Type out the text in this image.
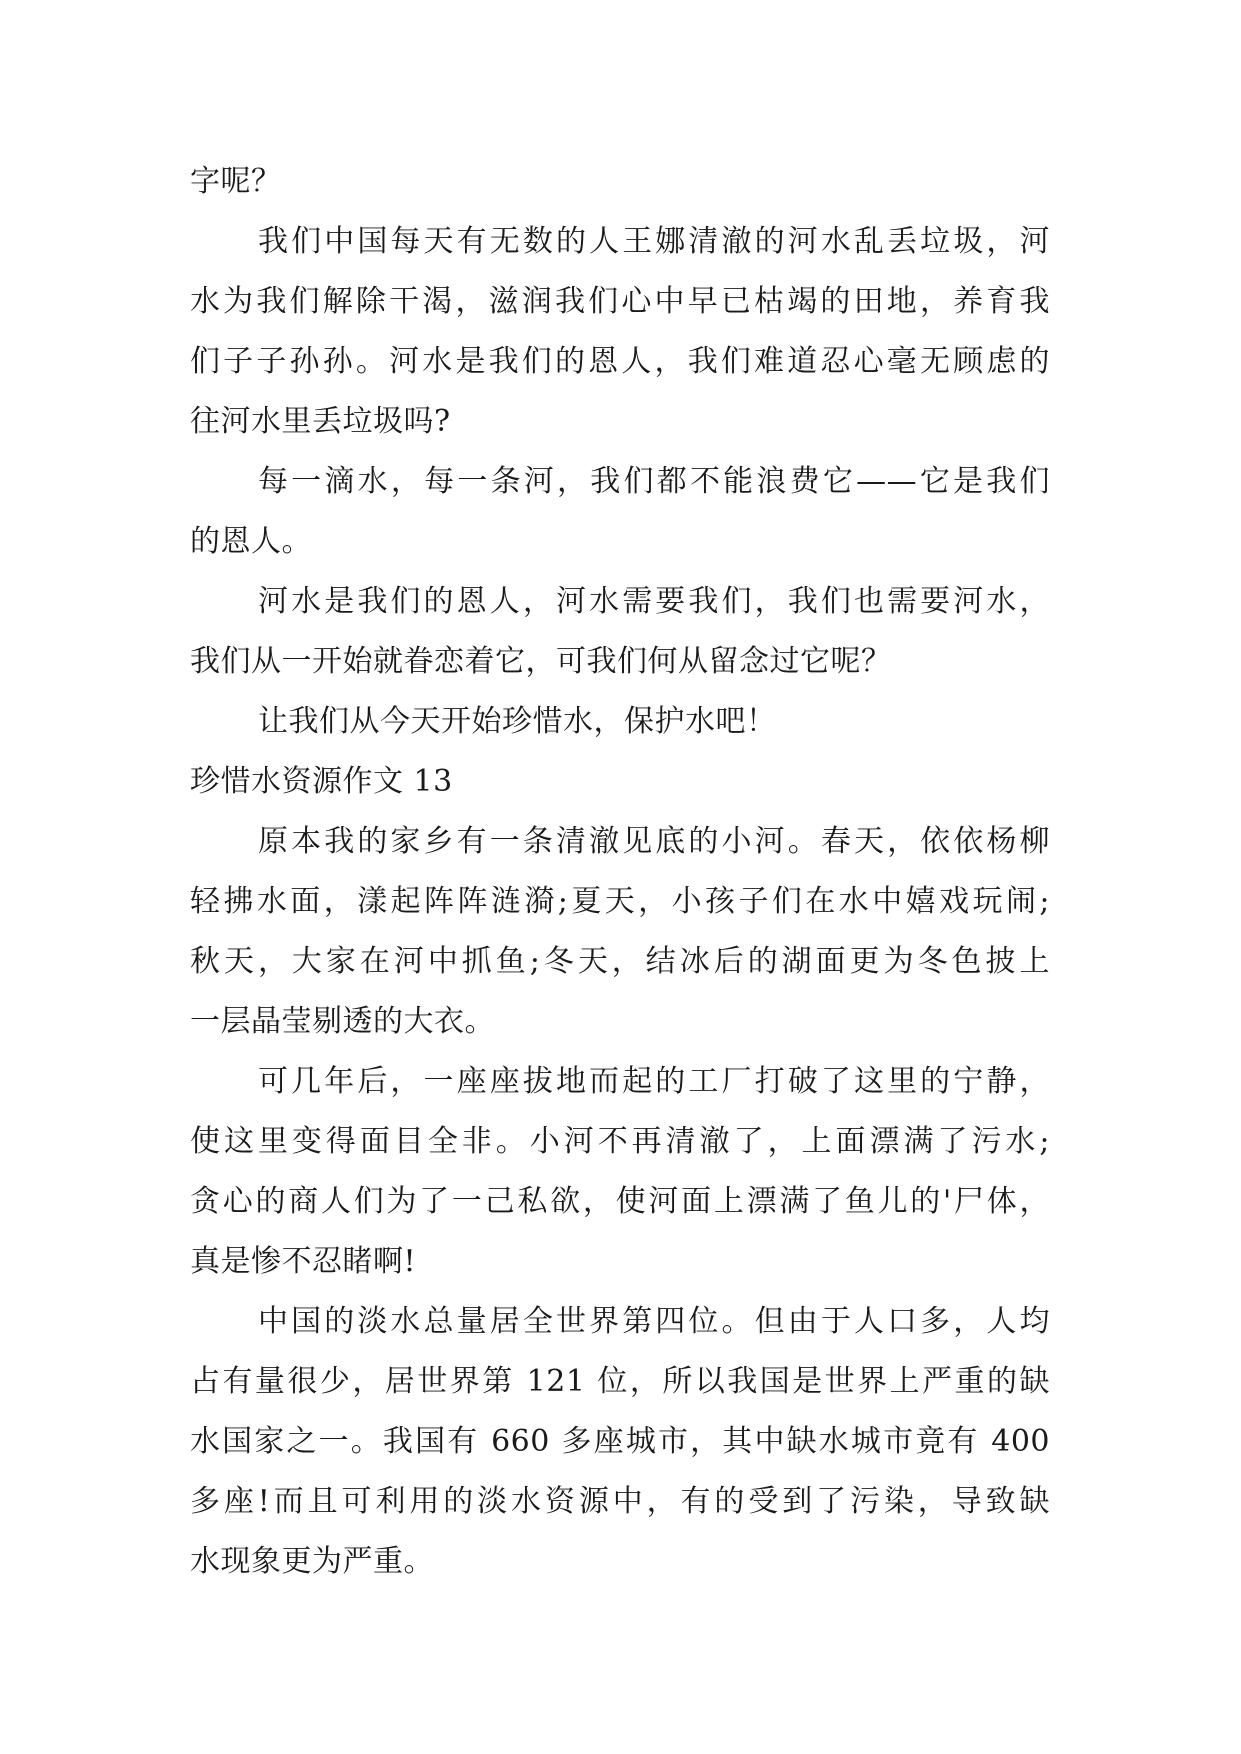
字呢？
我们中国每天有无数的人王娜清澈的河水乱丢垃圾，河
水为我们解除干渴，滋润我们心中早已枯竭的田地，养育我
们子子孙孙。河水是我们的恩人，我们难道忍心毫无顾虑的
往河水里丢垃圾吗?
每一滴水，每一条河，我们都不能浪费它——它是我们
的恩人。
河水是我们的恩人，河水需要我们，我们也需要河水，
我们从一开始就眷恋着它，可我们何从留念过它呢？
让我们从今天开始珍惜水，保护水吧！
珍惜水资源作文 13
原本我的家乡有一条清澈见底的小河。春天，依依杨柳
轻拂水面，漾起阵阵涟漪;夏天，小孩子们在水中嬉戏玩闹;
秋天，大家在河中抓鱼;冬天，结冰后的湖面更为冬色披上
一层晶莹剔透的大衣。
可几年后，一座座拔地而起的工厂打破了这里的宁静，
使这里变得面目全非。小河不再清澈了，上面漂满了污水;
贪心的商人们为了一己私欲，使河面上漂满了鱼儿的'尸体，
真是惨不忍睹啊!
中国的淡水总量居全世界第四位。但由于人口多，人均
占有量很少，居世界第 121 位，所以我国是世界上严重的缺
水国家之一。我国有 660 多座城市，其中缺水城市竟有 400
多座!而且可利用的淡水资源中，有的受到了污染，导致缺
水现象更为严重。
